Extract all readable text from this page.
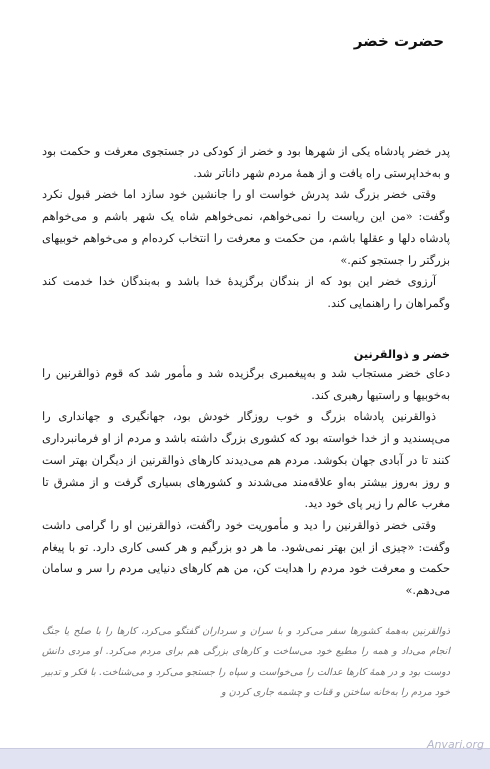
حضرت خضر

پدر خضر پادشاه یکی از شهرها بود و خضر از کودکی در جستجوی معرفت و حکمت بود و به‌خداپرستی راه یافت و از همهٔ مردم شهر داناتر شد.

وقتی خضر بزرگ شد پدرش خواست او را جانشین خود سازد اما خضر قبول نکرد وگفت: «من این ریاست را نمی‌خواهم، نمی‌خواهم شاه یک شهر باشم و می‌خواهم پادشاه دلها و عقلها باشم، من حکمت و معرفت را انتخاب کرده‌ام و می‌خواهم خوبیهای بزرگتر را جستجو کنم.»

آرزوی خضر این بود که از بندگان برگزیدهٔ خدا باشد و به‌بندگان خدا خدمت کند وگمراهان را راهنمایی کند.

خضر و ذوالقرنین

دعای خضر مستجاب شد و به‌پیغمبری برگزیده شد و مأمور شد که قوم ذوالقرنین را به‌خوبیها و راستیها رهبری کند.

ذوالقرنین پادشاه بزرگ و خوب روزگار خودش بود، جهانگیری و جهانداری را می‌پسندید و از خدا خواسته بود که کشوری بزرگ داشته باشد و مردم از او فرمانبرداری کنند تا در آبادی جهان بکوشد. مردم هم می‌دیدند کارهای ذوالقرنین از دیگران بهتر است و روز به‌روز بیشتر به‌او علاقه‌مند می‌شدند و کشورهای بسیاری گرفت و از مشرق تا مغرب عالم را زیر پای خود دید.

وقتی خضر ذوالقرنین را دید و مأموریت خود راگفت، ذوالقرنین او را گرامی داشت وگفت: «چیزی از این بهتر نمی‌شود. ما هر دو بزرگیم و هر کسی کاری دارد. تو با پیغام حکمت و معرفت خود مردم را هدایت کن، من هم کارهای دنیایی مردم را سر و سامان می‌دهم.»

ذوالقرنین به‌همهٔ کشورها سفر می‌کرد و با سران و سرداران گفتگو می‌کرد، کارها را با صلح یا جنگ انجام می‌داد و همه را مطیع خود می‌ساخت و کارهای بزرگی هم برای مردم می‌کرد. او مردی دانش دوست بود و در همهٔ کارها عدالت را می‌خواست و سپاه را جستجو می‌کرد و می‌شناخت. با فکر و تدبیر خود مردم را به‌خانه ساختن و قنات و چشمه جاری کردن و

Anvari.org
